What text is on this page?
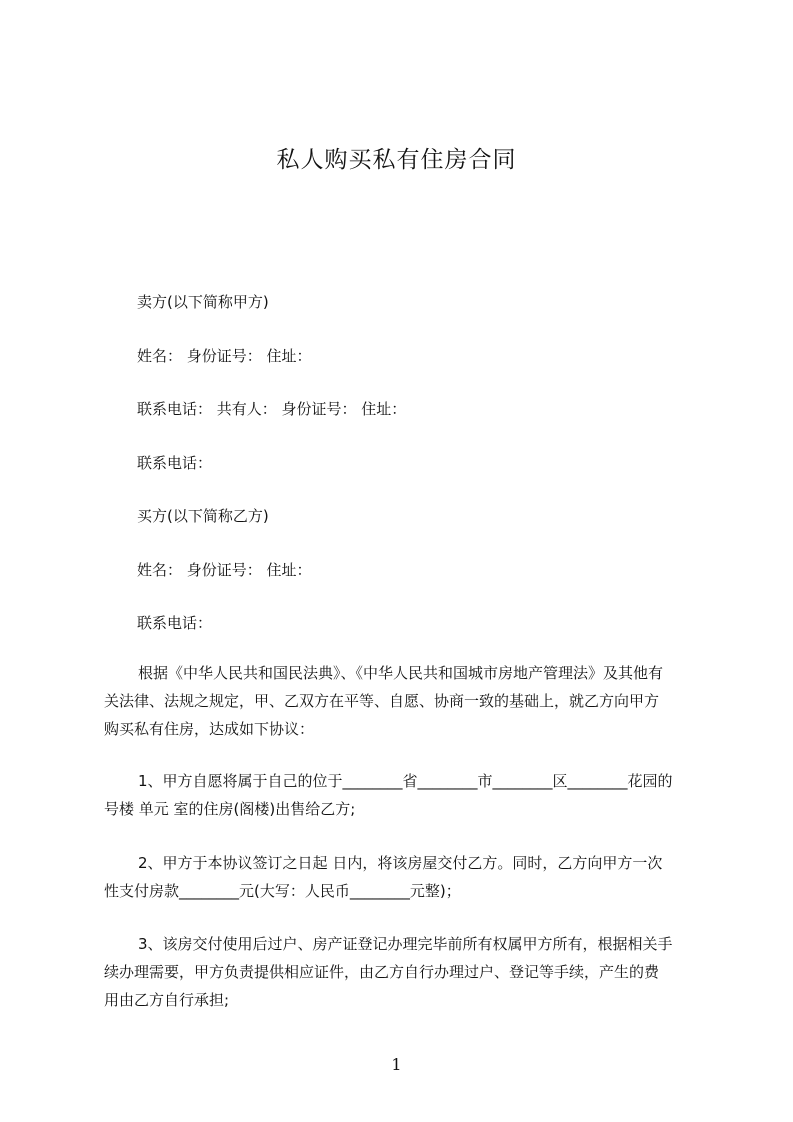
私人购买私有住房合同
卖方(以下简称甲方)
姓名： 身份证号： 住址：
联系电话： 共有人： 身份证号： 住址：
联系电话：
买方(以下简称乙方)
姓名： 身份证号： 住址：
联系电话：
根据《中华人民共和国民法典》、《中华人民共和国城市房地产管理法》及其他有
关法律、法规之规定，甲、乙双方在平等、自愿、协商一致的基础上，就乙方向甲方
购买私有住房，达成如下协议：
1、甲方自愿将属于自己的位于________省________市________区________花园的
号楼 单元 室的住房(阁楼)出售给乙方;
2、甲方于本协议签订之日起 日内，将该房屋交付乙方。同时，乙方向甲方一次
性支付房款________元(大写：人民币________元整)；
3、该房交付使用后过户、房产证登记办理完毕前所有权属甲方所有，根据相关手
续办理需要，甲方负责提供相应证件，由乙方自行办理过户、登记等手续，产生的费
用由乙方自行承担;
1
